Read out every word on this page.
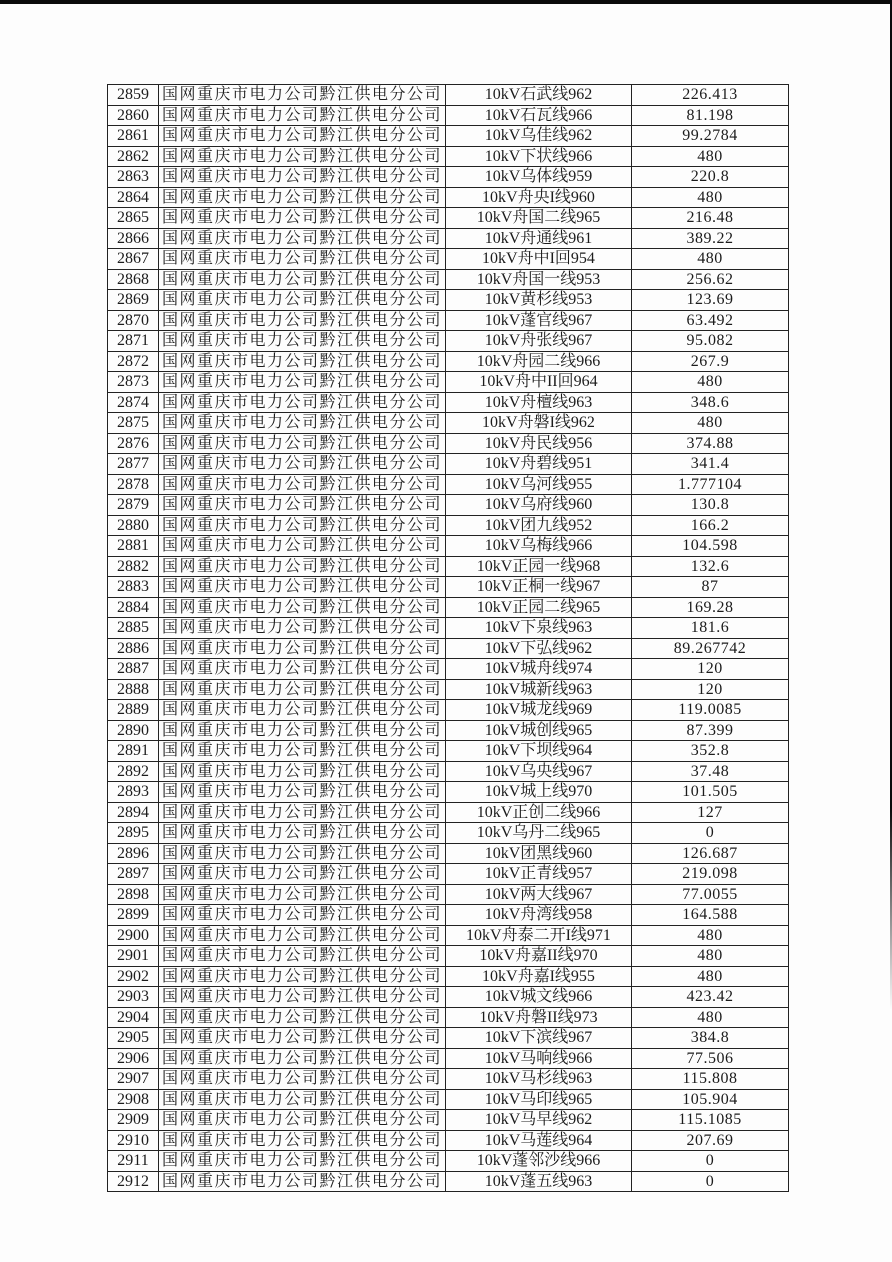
2859	国网重庆市电力公司黔江供电分公司	10kV石武线962	226.413
2860	国网重庆市电力公司黔江供电分公司	10kV石瓦线966	81.198
2861	国网重庆市电力公司黔江供电分公司	10kV乌佳线962	99.2784
2862	国网重庆市电力公司黔江供电分公司	10kV下状线966	480
2863	国网重庆市电力公司黔江供电分公司	10kV乌体线959	220.8
2864	国网重庆市电力公司黔江供电分公司	10kV舟央I线960	480
2865	国网重庆市电力公司黔江供电分公司	10kV舟国二线965	216.48
2866	国网重庆市电力公司黔江供电分公司	10kV舟通线961	389.22
2867	国网重庆市电力公司黔江供电分公司	10kV舟中I回954	480
2868	国网重庆市电力公司黔江供电分公司	10kV舟国一线953	256.62
2869	国网重庆市电力公司黔江供电分公司	10kV黄杉线953	123.69
2870	国网重庆市电力公司黔江供电分公司	10kV蓬官线967	63.492
2871	国网重庆市电力公司黔江供电分公司	10kV舟张线967	95.082
2872	国网重庆市电力公司黔江供电分公司	10kV舟园二线966	267.9
2873	国网重庆市电力公司黔江供电分公司	10kV舟中II回964	480
2874	国网重庆市电力公司黔江供电分公司	10kV舟檀线963	348.6
2875	国网重庆市电力公司黔江供电分公司	10kV舟磐I线962	480
2876	国网重庆市电力公司黔江供电分公司	10kV舟民线956	374.88
2877	国网重庆市电力公司黔江供电分公司	10kV舟碧线951	341.4
2878	国网重庆市电力公司黔江供电分公司	10kV乌河线955	1.777104
2879	国网重庆市电力公司黔江供电分公司	10kV乌府线960	130.8
2880	国网重庆市电力公司黔江供电分公司	10kV团九线952	166.2
2881	国网重庆市电力公司黔江供电分公司	10kV乌梅线966	104.598
2882	国网重庆市电力公司黔江供电分公司	10kV正园一线968	132.6
2883	国网重庆市电力公司黔江供电分公司	10kV正桐一线967	87
2884	国网重庆市电力公司黔江供电分公司	10kV正园二线965	169.28
2885	国网重庆市电力公司黔江供电分公司	10kV下泉线963	181.6
2886	国网重庆市电力公司黔江供电分公司	10kV下弘线962	89.267742
2887	国网重庆市电力公司黔江供电分公司	10kV城舟线974	120
2888	国网重庆市电力公司黔江供电分公司	10kV城新线963	120
2889	国网重庆市电力公司黔江供电分公司	10kV城龙线969	119.0085
2890	国网重庆市电力公司黔江供电分公司	10kV城创线965	87.399
2891	国网重庆市电力公司黔江供电分公司	10kV下坝线964	352.8
2892	国网重庆市电力公司黔江供电分公司	10kV乌央线967	37.48
2893	国网重庆市电力公司黔江供电分公司	10kV城上线970	101.505
2894	国网重庆市电力公司黔江供电分公司	10kV正创二线966	127
2895	国网重庆市电力公司黔江供电分公司	10kV乌丹二线965	0
2896	国网重庆市电力公司黔江供电分公司	10kV团黑线960	126.687
2897	国网重庆市电力公司黔江供电分公司	10kV正青线957	219.098
2898	国网重庆市电力公司黔江供电分公司	10kV两大线967	77.0055
2899	国网重庆市电力公司黔江供电分公司	10kV舟湾线958	164.588
2900	国网重庆市电力公司黔江供电分公司	10kV舟泰二开I线971	480
2901	国网重庆市电力公司黔江供电分公司	10kV舟嘉II线970	480
2902	国网重庆市电力公司黔江供电分公司	10kV舟嘉I线955	480
2903	国网重庆市电力公司黔江供电分公司	10kV城文线966	423.42
2904	国网重庆市电力公司黔江供电分公司	10kV舟磐II线973	480
2905	国网重庆市电力公司黔江供电分公司	10kV下滨线967	384.8
2906	国网重庆市电力公司黔江供电分公司	10kV马响线966	77.506
2907	国网重庆市电力公司黔江供电分公司	10kV马杉线963	115.808
2908	国网重庆市电力公司黔江供电分公司	10kV马印线965	105.904
2909	国网重庆市电力公司黔江供电分公司	10kV马早线962	115.1085
2910	国网重庆市电力公司黔江供电分公司	10kV马莲线964	207.69
2911	国网重庆市电力公司黔江供电分公司	10kV蓬邻沙线966	0
2912	国网重庆市电力公司黔江供电分公司	10kV蓬五线963	0
